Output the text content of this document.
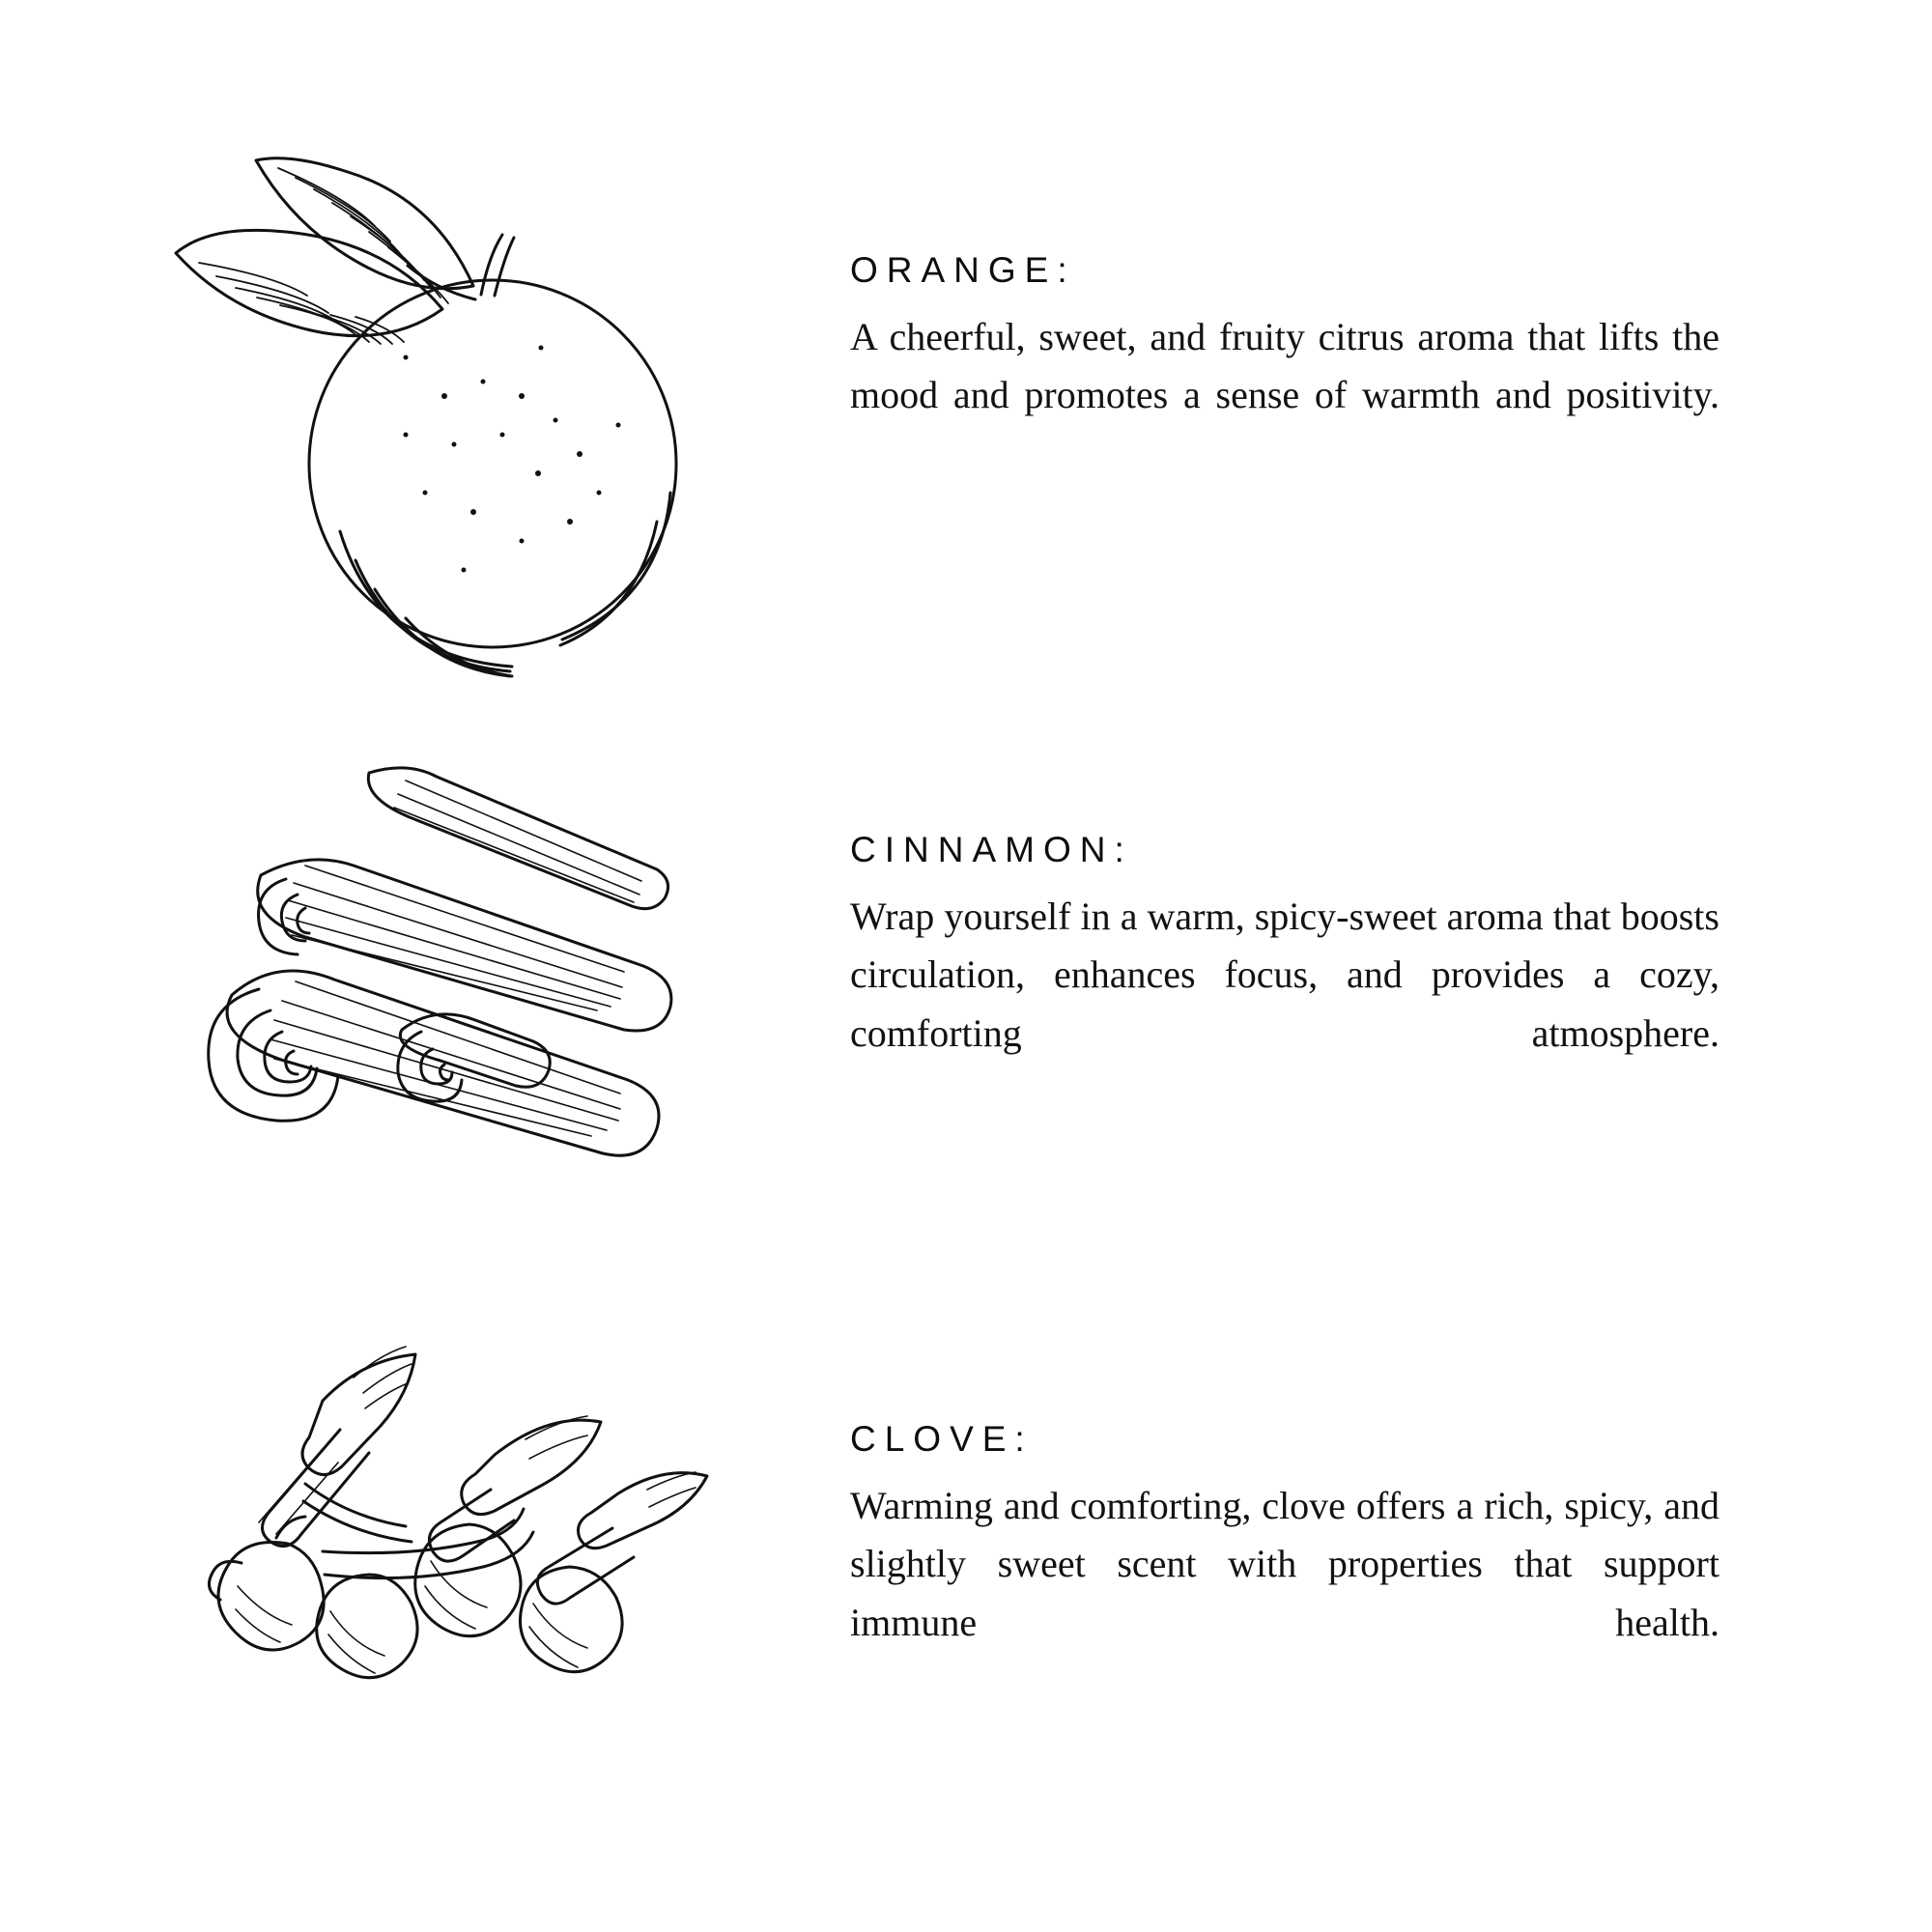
ORANGE:

A cheerful, sweet, and fruity citrus aroma that lifts the mood and promotes a sense of warmth and positivity.

CINNAMON:

Wrap yourself in a warm, spicy-sweet aroma that boosts circulation, enhances focus, and provides a cozy, comforting atmosphere.

CLOVE:

Warming and comforting, clove offers a rich, spicy, and slightly sweet scent with properties that support immune health.
